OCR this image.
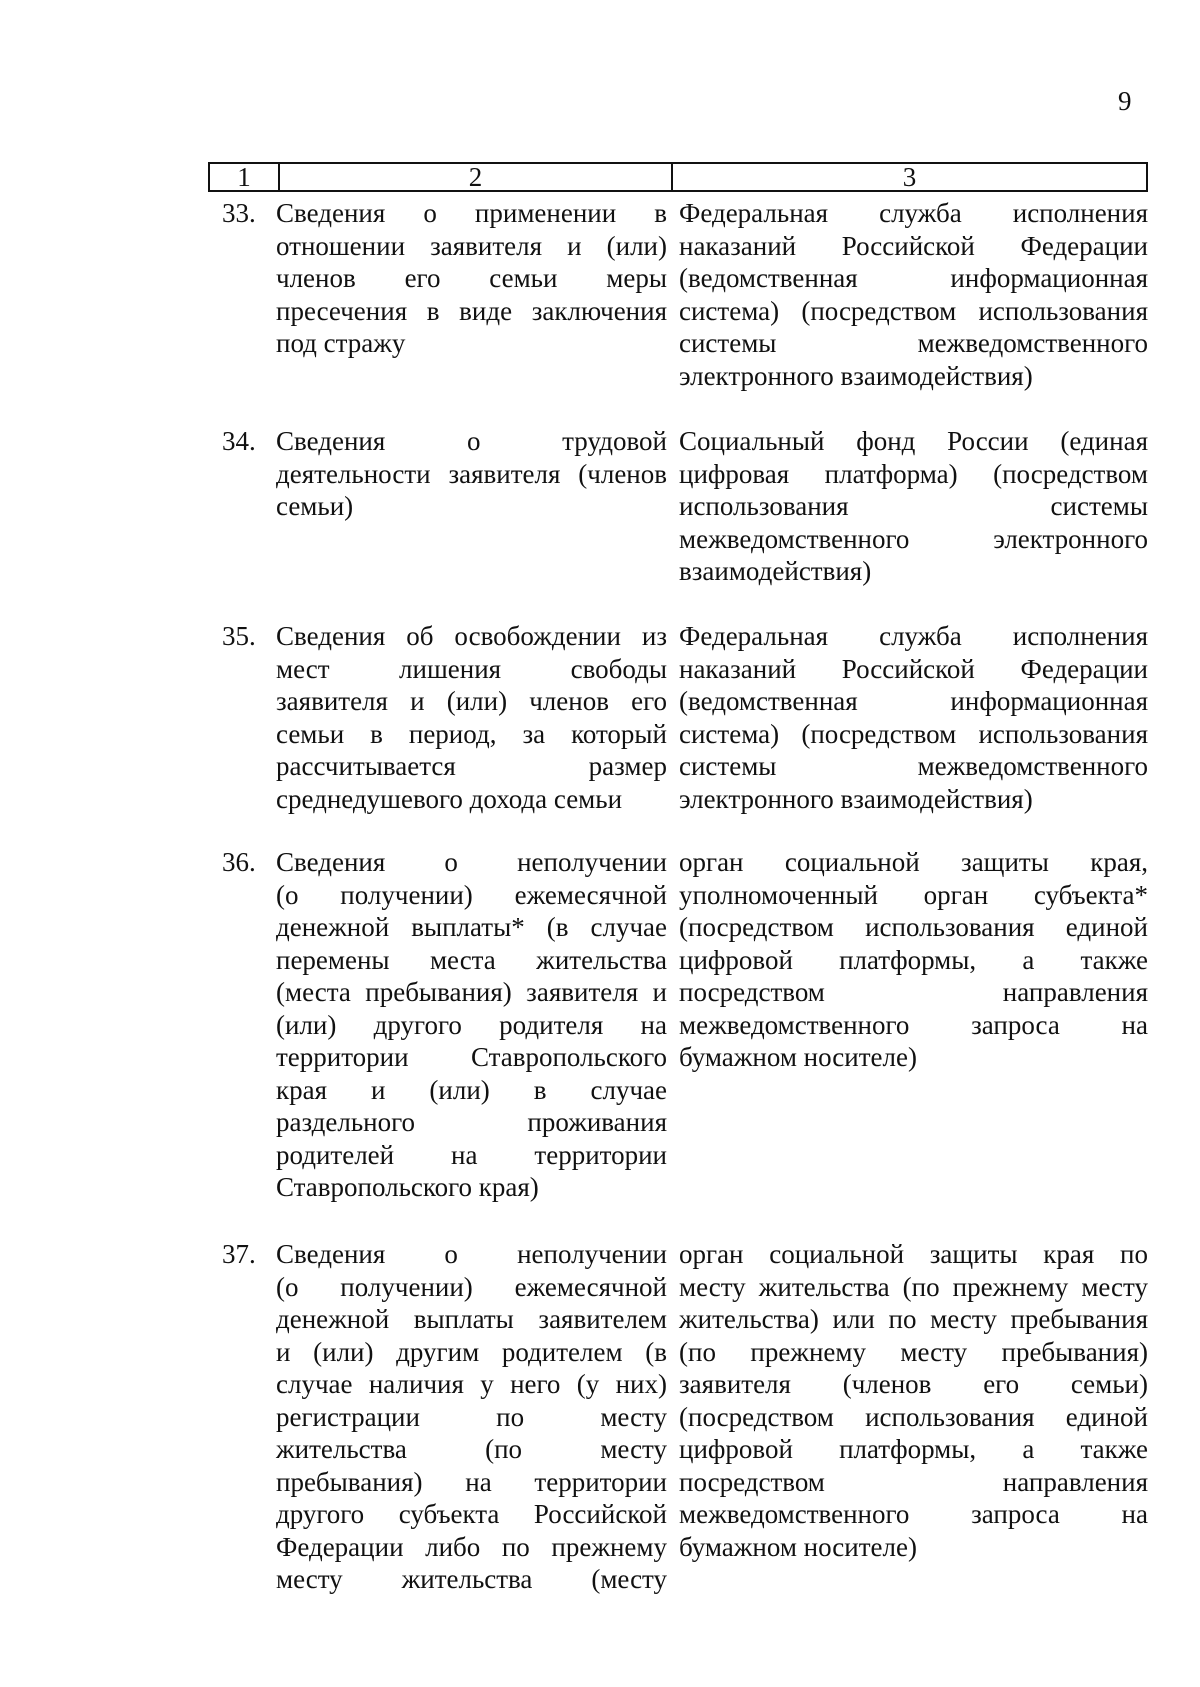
9
1	2	3
33. Сведения о применении в
отношении заявителя и (или)
членов его семьи меры
пресечения в виде заключения
под стражу
Федеральная служба исполнения
наказаний Российской Федерации
(ведомственная информационная
система) (посредством использования
системы межведомственного
электронного взаимодействия)
34. Сведения о трудовой
деятельности заявителя (членов
семьи)
Социальный фонд России (единая
цифровая платформа) (посредством
использования системы
межведомственного электронного
взаимодействия)
35. Сведения об освобождении из
мест лишения свободы
заявителя и (или) членов его
семьи в период, за который
рассчитывается размер
среднедушевого дохода семьи
Федеральная служба исполнения
наказаний Российской Федерации
(ведомственная информационная
система) (посредством использования
системы межведомственного
электронного взаимодействия)
36. Сведения о неполучении
(о получении) ежемесячной
денежной выплаты* (в случае
перемены места жительства
(места пребывания) заявителя и
(или) другого родителя на
территории Ставропольского
края и (или) в случае
раздельного проживания
родителей на территории
Ставропольского края)
орган социальной защиты края,
уполномоченный орган субъекта*
(посредством использования единой
цифровой платформы, а также
посредством направления
межведомственного запроса на
бумажном носителе)
37. Сведения о неполучении
(о получении) ежемесячной
денежной выплаты заявителем
и (или) другим родителем (в
случае наличия у него (у них)
регистрации по месту
жительства (по месту
пребывания) на территории
другого субъекта Российской
Федерации либо по прежнему
месту жительства (месту
орган социальной защиты края по
месту жительства (по прежнему месту
жительства) или по месту пребывания
(по прежнему месту пребывания)
заявителя (членов его семьи)
(посредством использования единой
цифровой платформы, а также
посредством направления
межведомственного запроса на
бумажном носителе)
